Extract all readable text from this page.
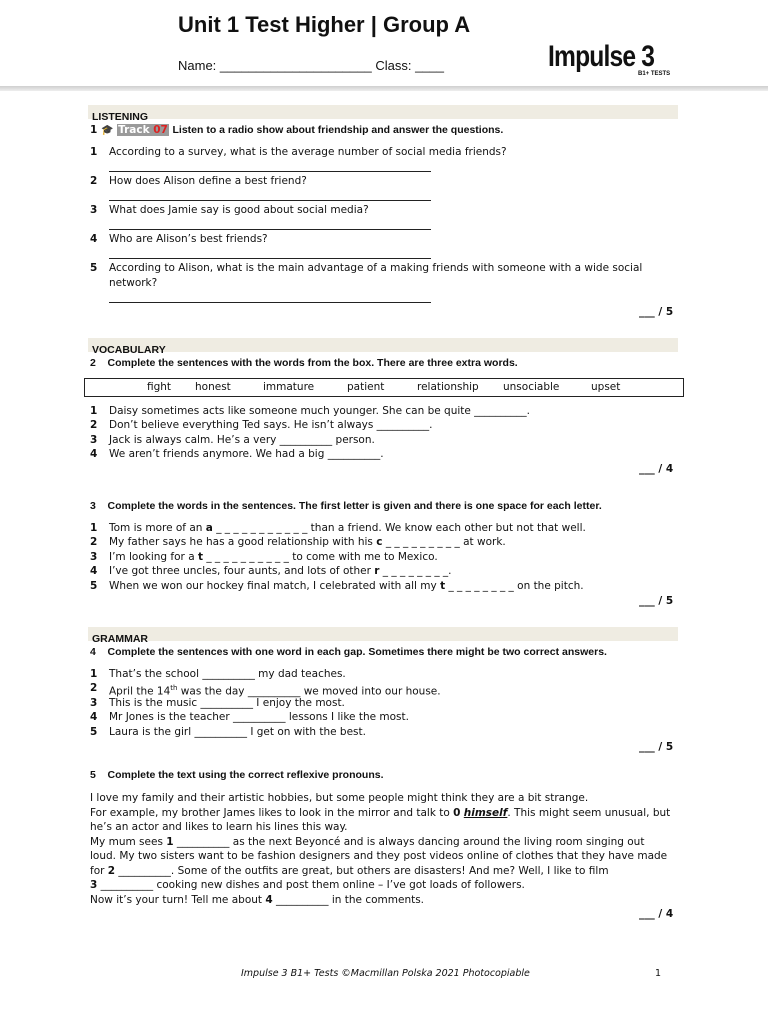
Unit 1 Test Higher | Group A
Name: _____________________ Class: ____	Impulse 3
B1+ TESTS
LISTENING
1 🎓 Track 07 Listen to a radio show about friendship and answer the questions.
1 According to a survey, what is the average number of social media friends?
2 How does Alison define a best friend?
3 What does Jamie say is good about social media?
4 Who are Alison’s best friends?
5 According to Alison, what is the main advantage of a making friends with someone with a wide social
network?
___ / 5
VOCABULARY
2 Complete the sentences with the words from the box. There are three extra words.
fight honest	immature	patient	relationship unsociable	upset
1 Daisy sometimes acts like someone much younger. She can be quite __________.
2 Don’t believe everything Ted says. He isn’t always __________.
3 Jack is always calm. He’s a very __________ person.
4 We aren’t friends anymore. We had a big __________.
___ / 4
3 Complete the words in the sentences. The first letter is given and there is one space for each letter.
1 Tom is more of an a _ _ _ _ _ _ _ _ _ _ _ than a friend. We know each other but not that well.
2 My father says he has a good relationship with his c _ _ _ _ _ _ _ _ _ at work.
3 I’m looking for a t _ _ _ _ _ _ _ _ _ _ to come with me to Mexico.
4 I’ve got three uncles, four aunts, and lots of other r _ _ _ _ _ _ _ _.
5 When we won our hockey final match, I celebrated with all my t _ _ _ _ _ _ _ _ on the pitch.
___ / 5
GRAMMAR
4 Complete the sentences with one word in each gap. Sometimes there might be two correct answers.
1 That’s the school __________ my dad teaches.
2 April the 14th was the day __________ we moved into our house.
3 This is the music __________ I enjoy the most.
4 Mr Jones is the teacher __________ lessons I like the most.
5 Laura is the girl __________ I get on with the best.
___ / 5
5 Complete the text using the correct reflexive pronouns.
I love my family and their artistic hobbies, but some people might think they are a bit strange.
For example, my brother James likes to look in the mirror and talk to 0 himself. This might seem unusual, but
he’s an actor and likes to learn his lines this way.
My mum sees 1 __________ as the next Beyoncé and is always dancing around the living room singing out
loud. My two sisters want to be fashion designers and they post videos online of clothes that they have made
for 2 __________. Some of the outfits are great, but others are disasters! And me? Well, I like to film
3 __________ cooking new dishes and post them online – I’ve got loads of followers.
Now it’s your turn! Tell me about 4 __________ in the comments.
___ / 4
Impulse 3 B1+ Tests ©Macmillan Polska 2021 Photocopiable	1
